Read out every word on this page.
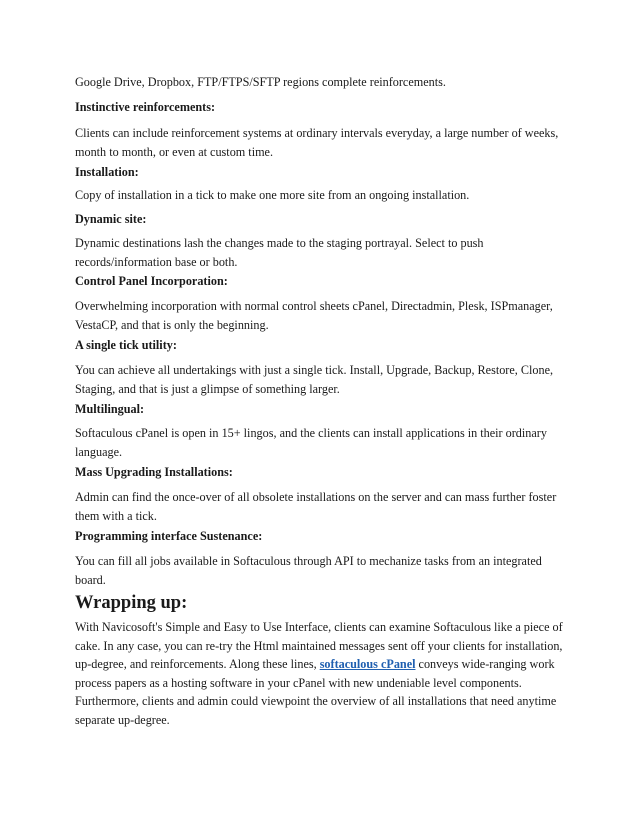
Google Drive, Dropbox, FTP/FTPS/SFTP regions complete reinforcements.

Instinctive reinforcements:

Clients can include reinforcement systems at ordinary intervals everyday, a large number of weeks, month to month, or even at custom time.

Installation:

Copy of installation in a tick to make one more site from an ongoing installation.

Dynamic site:

Dynamic destinations lash the changes made to the staging portrayal. Select to push records/information base or both.

Control Panel Incorporation:

Overwhelming incorporation with normal control sheets cPanel, Directadmin, Plesk, ISPmanager, VestaCP, and that is only the beginning.

A single tick utility:

You can achieve all undertakings with just a single tick. Install, Upgrade, Backup, Restore, Clone, Staging, and that is just a glimpse of something larger.

Multilingual:

Softaculous cPanel is open in 15+ lingos, and the clients can install applications in their ordinary language.

Mass Upgrading Installations:

Admin can find the once-over of all obsolete installations on the server and can mass further foster them with a tick.

Programming interface Sustenance:

You can fill all jobs available in Softaculous through API to mechanize tasks from an integrated board.

Wrapping up:

With Navicosoft's Simple and Easy to Use Interface, clients can examine Softaculous like a piece of cake. In any case, you can re-try the Html maintained messages sent off your clients for installation, up-degree, and reinforcements. Along these lines, softaculous cPanel conveys wide-ranging work process papers as a hosting software in your cPanel with new undeniable level components. Furthermore, clients and admin could viewpoint the overview of all installations that need anytime separate up-degree.
